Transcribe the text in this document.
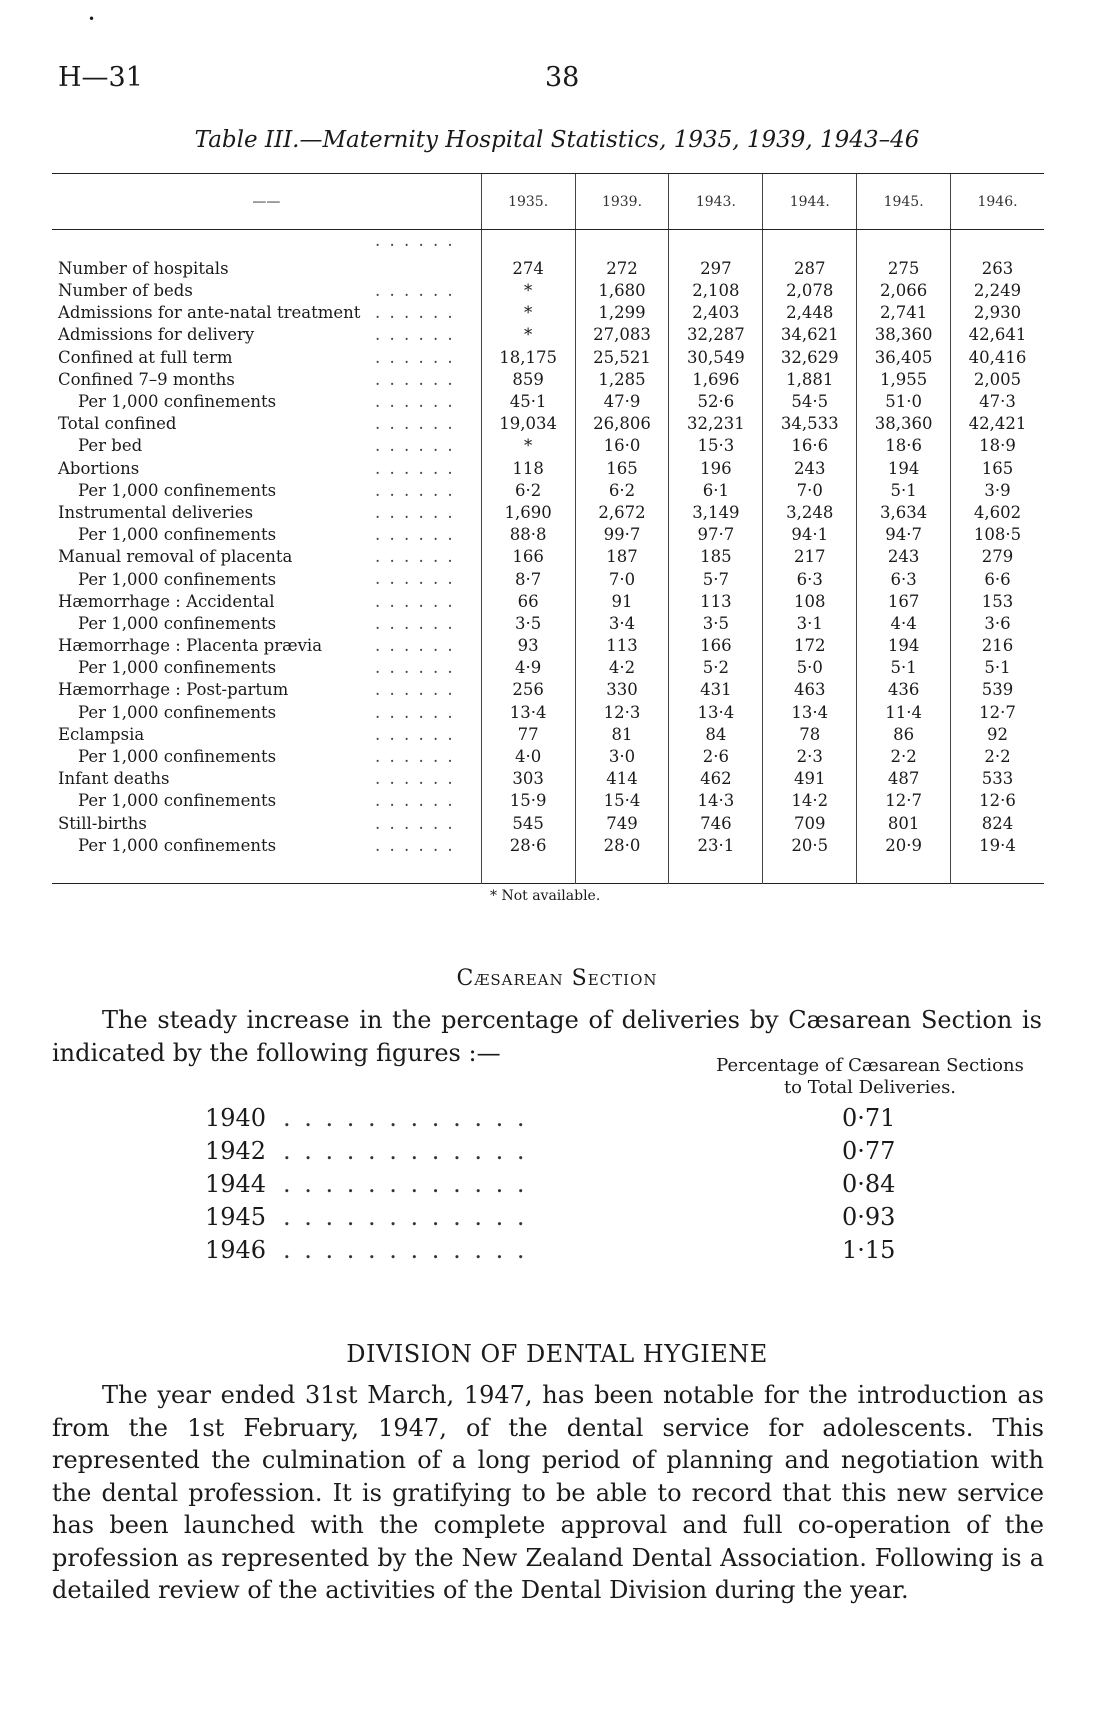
•
H—31	38
Table III.—Maternity Hospital Statistics, 1935, 1939, 1943–46
——	1935.	1939.	1943.	1944.	1945.	1946.
Number of hospitals . .	274	272	297	287	275	263
Number of beds . .	*	1,680	2,108	2,078	2,066	2,249
Admissions for ante-natal treatment . .	*	1,299	2,403	2,448	2,741	2,930
Admissions for delivery . .	*	27,083	32,287	34,621	38,360	42,641
Confined at full term . .	18,175	25,521	30,549	32,629	36,405	40,416
Confined 7–9 months . .	859	1,285	1,696	1,881	1,955	2,005
Per 1,000 confinements . .	45·1	47·9	52·6	54·5	51·0	47·3
Total confined . .	19,034	26,806	32,231	34,533	38,360	42,421
Per bed . .	*	16·0	15·3	16·6	18·6	18·9
Abortions . .	118	165	196	243	194	165
Per 1,000 confinements . .	6·2	6·2	6·1	7·0	5·1	3·9
Instrumental deliveries . .	1,690	2,672	3,149	3,248	3,634	4,602
Per 1,000 confinements . .	88·8	99·7	97·7	94·1	94·7	108·5
Manual removal of placenta . .	166	187	185	217	243	279
Per 1,000 confinements . .	8·7	7·0	5·7	6·3	6·3	6·6
Hæmorrhage : Accidental . .	66	91	113	108	167	153
Per 1,000 confinements . .	3·5	3·4	3·5	3·1	4·4	3·6
Hæmorrhage : Placenta prævia . .	93	113	166	172	194	216
Per 1,000 confinements . .	4·9	4·2	5·2	5·0	5·1	5·1
Hæmorrhage : Post-partum . .	256	330	431	463	436	539
Per 1,000 confinements . .	13·4	12·3	13·4	13·4	11·4	12·7
Eclampsia . .	77	81	84	78	86	92
Per 1,000 confinements . .	4·0	3·0	2·6	2·3	2·2	2·2
Infant deaths . .	303	414	462	491	487	533
Per 1,000 confinements . .	15·9	15·4	14·3	14·2	12·7	12·6
Still-births . .	545	749	746	709	801	824
Per 1,000 confinements . .	28·6	28·0	23·1	20·5	20·9	19·4

* Not available.
Cæsarean Section
The steady increase in the percentage of deliveries by Cæsarean Section is indicated by the following figures :—	Percentage of Cæsarean Sections
to Total Deliveries.
1940 . . . . . . . . . . . .	0·71
1942 . . . . . . . . . . . .	0·77
1944 . . . . . . . . . . . .	0·84
1945 . . . . . . . . . . . .	0·93
1946 . . . . . . . . . . . .	1·15
DIVISION OF DENTAL HYGIENE
The year ended 31st March, 1947, has been notable for the introduction as from the 1st February, 1947, of the dental service for adolescents. This represented the culmination of a long period of planning and negotiation with the dental profession. It is gratifying to be able to record that this new service has been launched with the complete approval and full co-operation of the profession as represented by the New Zealand Dental Association. Following is a detailed review of the activities of the Dental Division during the year.
